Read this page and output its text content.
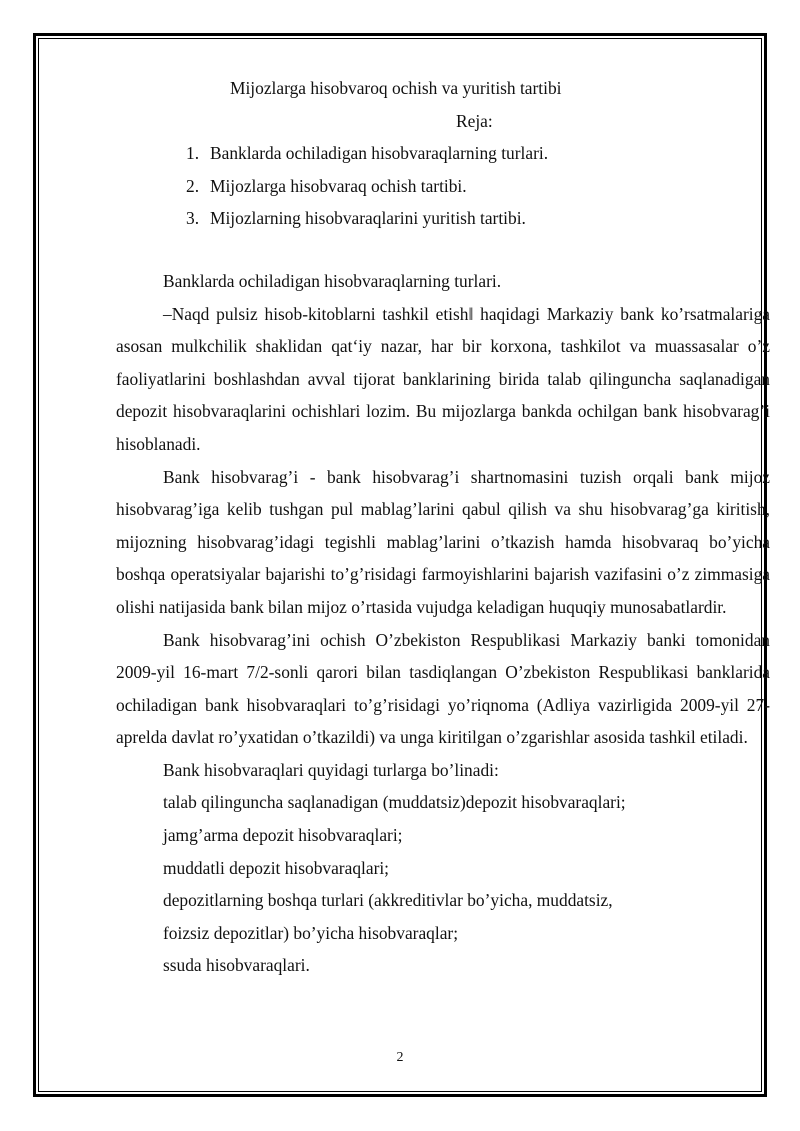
Mijozlarga hisobvaroq ochish va yuritish tartibi

Reja:

1. Banklarda ochiladigan hisobvaraqlarning turlari.
2. Mijozlarga hisobvaraq ochish tartibi.
3. Mijozlarning hisobvaraqlarini yuritish tartibi.

Banklarda ochiladigan hisobvaraqlarning turlari.

–Naqd pulsiz hisob-kitoblarni tashkil etish‖ haqidagi Markaziy bank ko’rsatmalariga asosan mulkchilik shaklidan qat‘iy nazar, har bir korxona, tashkilot va muassasalar o’z faoliyatlarini boshlashdan avval tijorat banklarining birida talab qilinguncha saqlanadigan depozit hisobvaraqlarini ochishlari lozim. Bu mijozlarga bankda ochilgan bank hisobvarag’i hisoblanadi.

Bank hisobvarag’i - bank hisobvarag’i shartnomasini tuzish orqali bank mijoz hisobvarag’iga kelib tushgan pul mablag’larini qabul qilish va shu hisobvarag’ga kiritish, mijozning hisobvarag’idagi tegishli mablag’larini o’tkazish hamda hisobvaraq bo’yicha boshqa operatsiyalar bajarishi to’g’risidagi farmoyishlarini bajarish vazifasini o’z zimmasiga olishi natijasida bank bilan mijoz o’rtasida vujudga keladigan huquqiy munosabatlardir.

Bank hisobvarag’ini ochish O’zbekiston Respublikasi Markaziy banki tomonidan 2009-yil 16-mart 7/2-sonli qarori bilan tasdiqlangan O’zbekiston Respublikasi banklarida ochiladigan bank hisobvaraqlari to’g’risidagi yo’riqnoma (Adliya vazirligida 2009-yil 27-aprelda davlat ro’yxatidan o’tkazildi) va unga kiritilgan o’zgarishlar asosida tashkil etiladi.

Bank hisobvaraqlari quyidagi turlarga bo’linadi:

talab qilinguncha saqlanadigan (muddatsiz)depozit hisobvaraqlari;

jamg’arma depozit hisobvaraqlari;

muddatli depozit hisobvaraqlari;

depozitlarning boshqa turlari (akkreditivlar bo’yicha, muddatsiz,

foizsiz depozitlar) bo’yicha hisobvaraqlar;

ssuda hisobvaraqlari.

2
